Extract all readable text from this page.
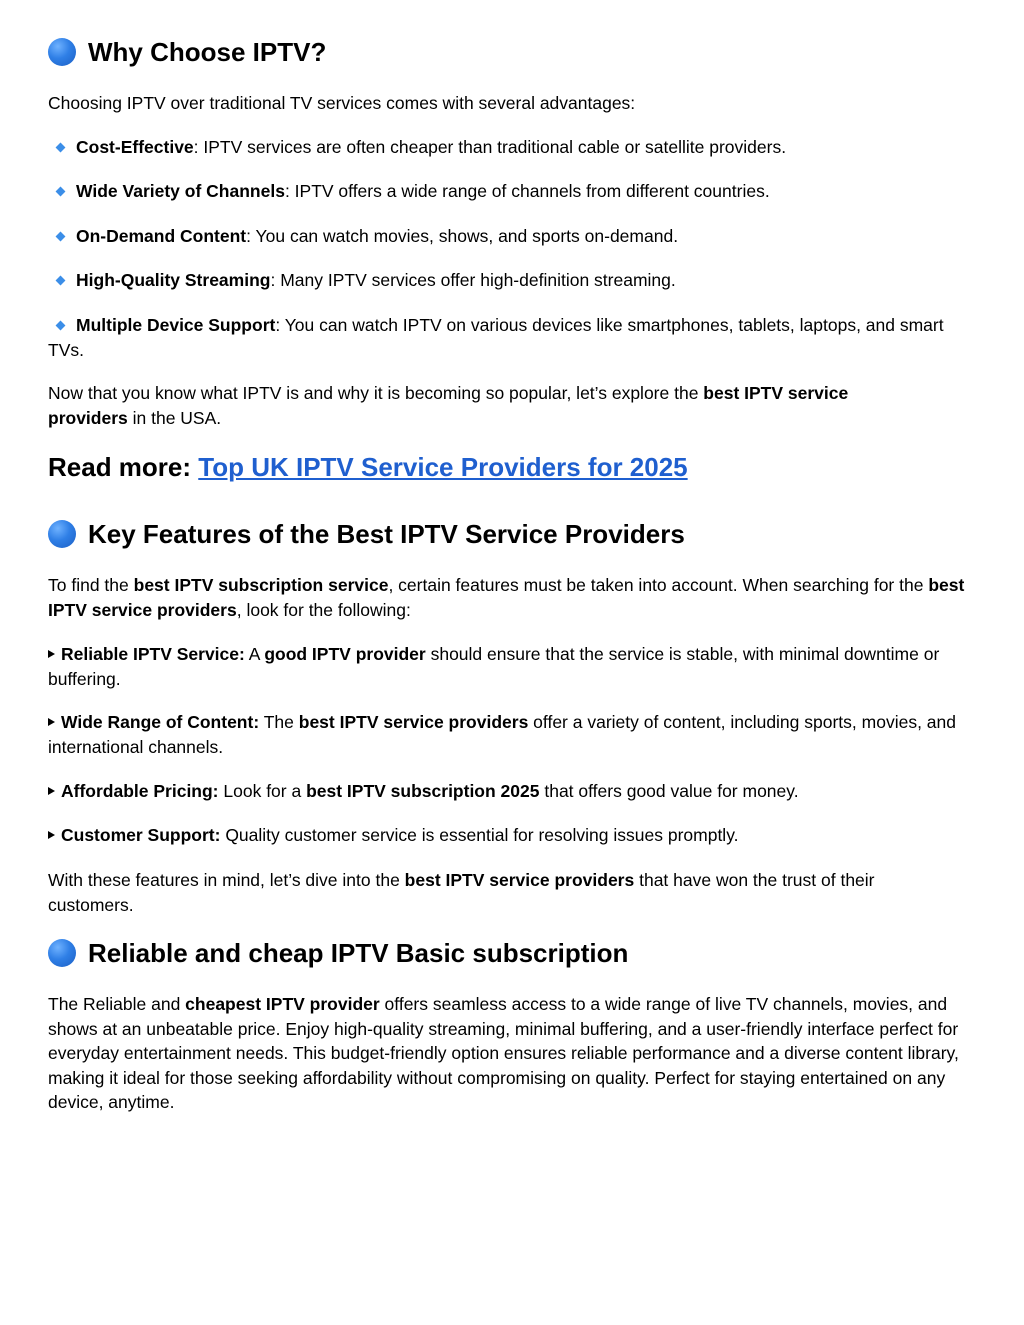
Why Choose IPTV?

Choosing IPTV over traditional TV services comes with several advantages:

Cost-Effective: IPTV services are often cheaper than traditional cable or satellite providers.

Wide Variety of Channels: IPTV offers a wide range of channels from different countries.

On-Demand Content: You can watch movies, shows, and sports on-demand.

High-Quality Streaming: Many IPTV services offer high-definition streaming.

Multiple Device Support: You can watch IPTV on various devices like smartphones, tablets, laptops, and smart TVs.

Now that you know what IPTV is and why it is becoming so popular, let’s explore the best IPTV service providers in the USA.

Read more: Top UK IPTV Service Providers for 2025
Key Features of the Best IPTV Service Providers

To find the best IPTV subscription service, certain features must be taken into account. When searching for the best IPTV service providers, look for the following:

Reliable IPTV Service: A good IPTV provider should ensure that the service is stable, with minimal downtime or buffering.

Wide Range of Content: The best IPTV service providers offer a variety of content, including sports, movies, and international channels.

Affordable Pricing: Look for a best IPTV subscription 2025 that offers good value for money.

Customer Support: Quality customer service is essential for resolving issues promptly.

With these features in mind, let’s dive into the best IPTV service providers that have won the trust of their customers.

Reliable and cheap IPTV Basic subscription

The Reliable and cheapest IPTV provider offers seamless access to a wide range of live TV channels, movies, and shows at an unbeatable price. Enjoy high-quality streaming, minimal buffering, and a user-friendly interface perfect for everyday entertainment needs. This budget-friendly option ensures reliable performance and a diverse content library, making it ideal for those seeking affordability without compromising on quality. Perfect for staying entertained on any device, anytime.
